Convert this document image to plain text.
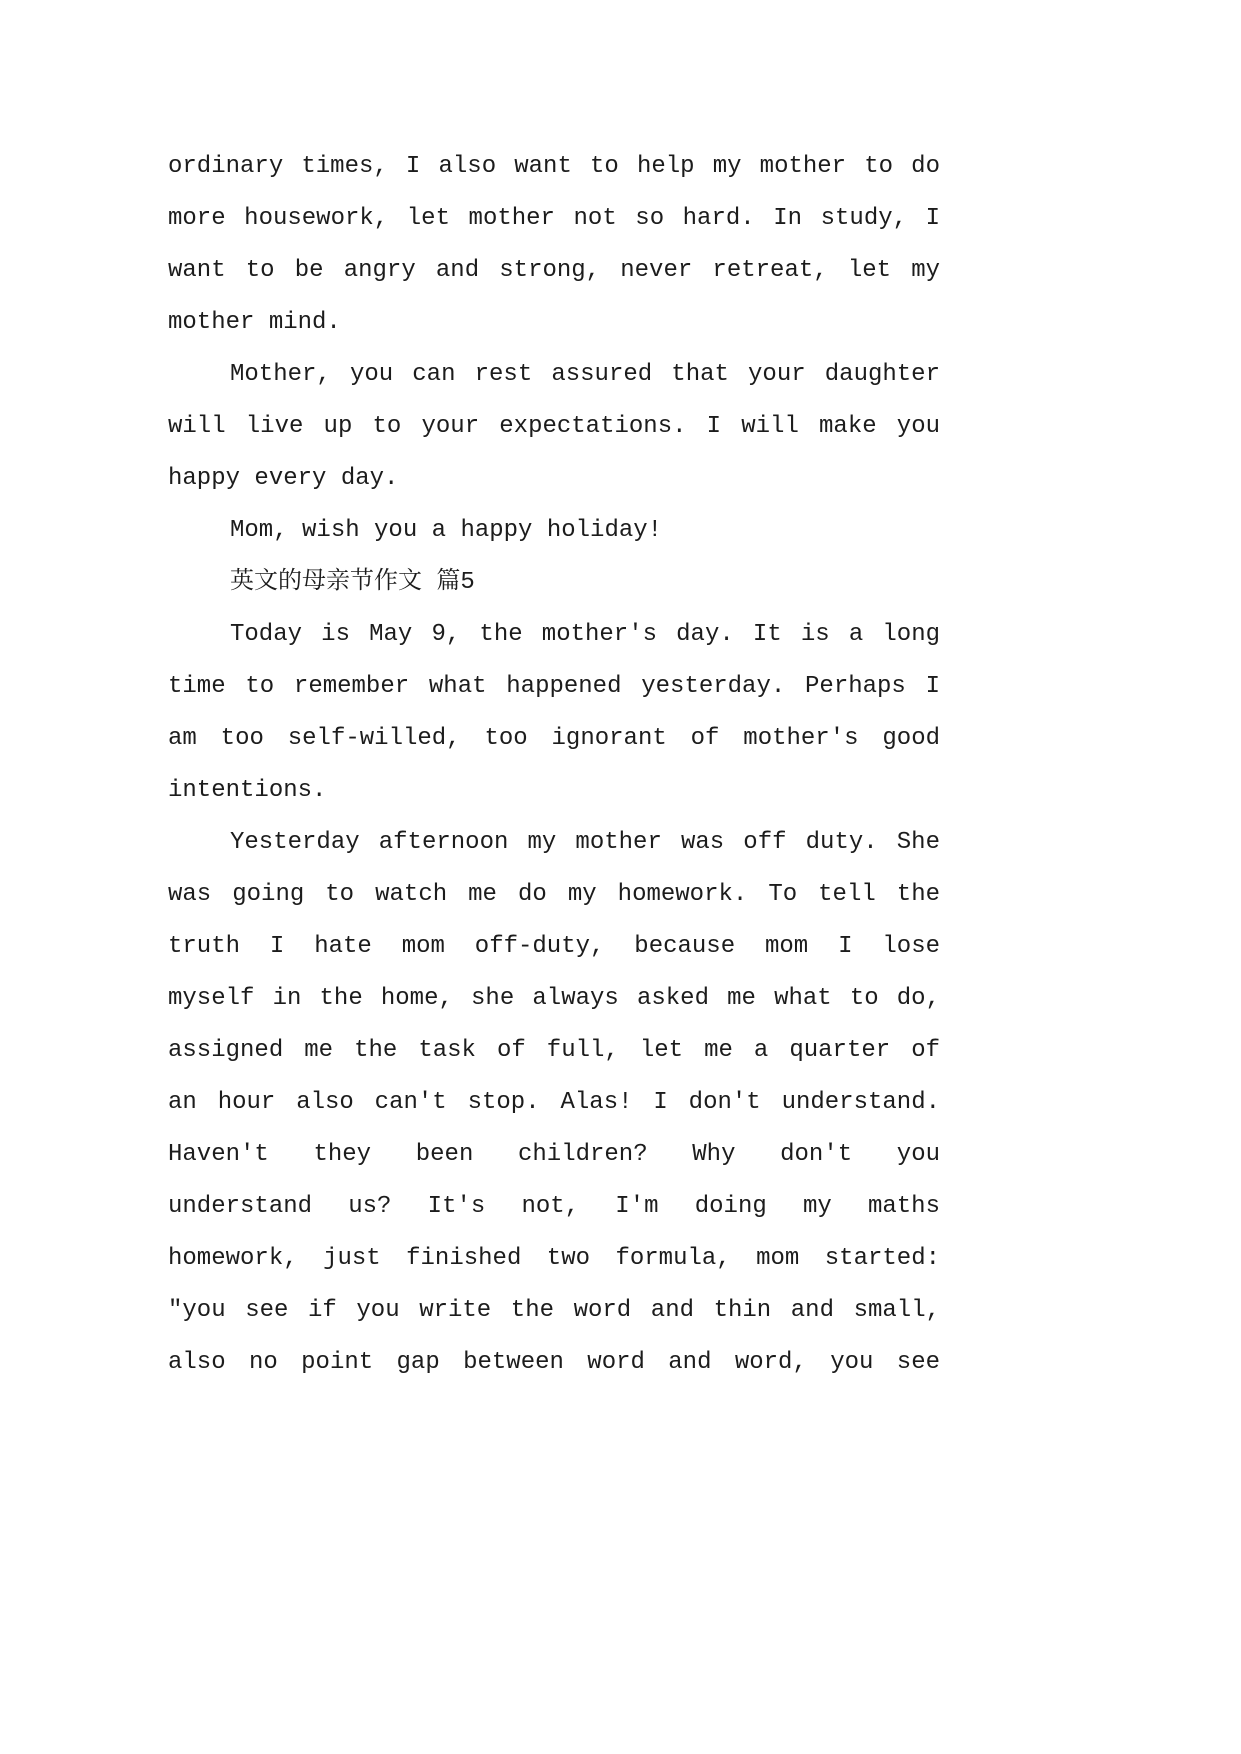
ordinary times, I also want to help my mother to do
more housework, let mother not so hard. In study, I
want to be angry and strong, never retreat, let my
mother mind.
Mother, you can rest assured that your daughter
will live up to your expectations. I will make you
happy every day.
Mom, wish you a happy holiday!
英文的母亲节作文 篇5
Today is May 9, the mother's day. It is a long
time to remember what happened yesterday. Perhaps I
am too self-willed, too ignorant of mother's good
intentions.
Yesterday afternoon my mother was off duty. She
was going to watch me do my homework. To tell the
truth I hate mom off-duty, because mom I lose
myself in the home, she always asked me what to do,
assigned me the task of full, let me a quarter of
an hour also can't stop. Alas! I don't understand.
Haven't they been children? Why don't you
understand us? It's not, I'm doing my maths
homework, just finished two formula, mom started:
"you see if you write the word and thin and small,
also no point gap between word and word, you see
